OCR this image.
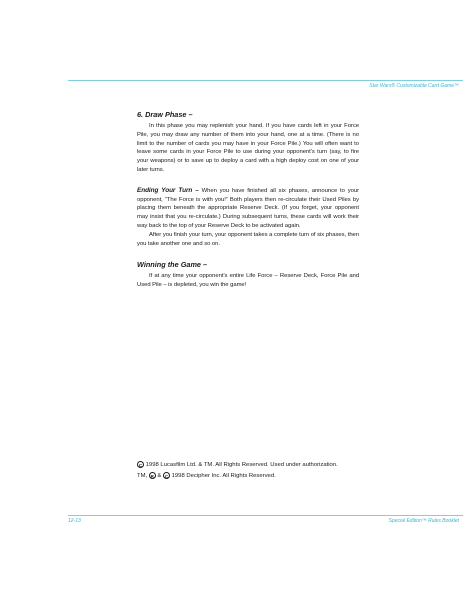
Star Wars® Customizable Card Game™
6. Draw Phase –

In this phase you may replenish your hand. If you have cards left in your Force Pile, you may draw any number of them into your hand, one at a time. (There is no limit to the number of cards you may have in your Force Pile.) You will often want to leave some cards in your Force Pile to use during your opponent’s turn (say, to fire your weapons) or to save up to deploy a card with a high deploy cost on one of your later turns.

Ending Your Turn – When you have finished all six phases, announce to your opponent, “The Force is with you!” Both players then re-circulate their Used Piles by placing them beneath the appropriate Reserve Deck. (If you forget, your opponent may insist that you re-circulate.) During subsequent turns, these cards will work their way back to the top of your Reserve Deck to be activated again.

After you finish your turn, your opponent takes a complete turn of six phases, then you take another one and so on.

Winning the Game –

If at any time your opponent’s entire Life Force – Reserve Deck, Force Pile and Used Pile – is depleted, you win the game!

C 1998 Lucasfilm Ltd. & TM. All Rights Reserved. Used under authorization.
TM, R & C 1998 Decipher Inc. All Rights Reserved.
12-13	Special Edition™ Rules Booklet
